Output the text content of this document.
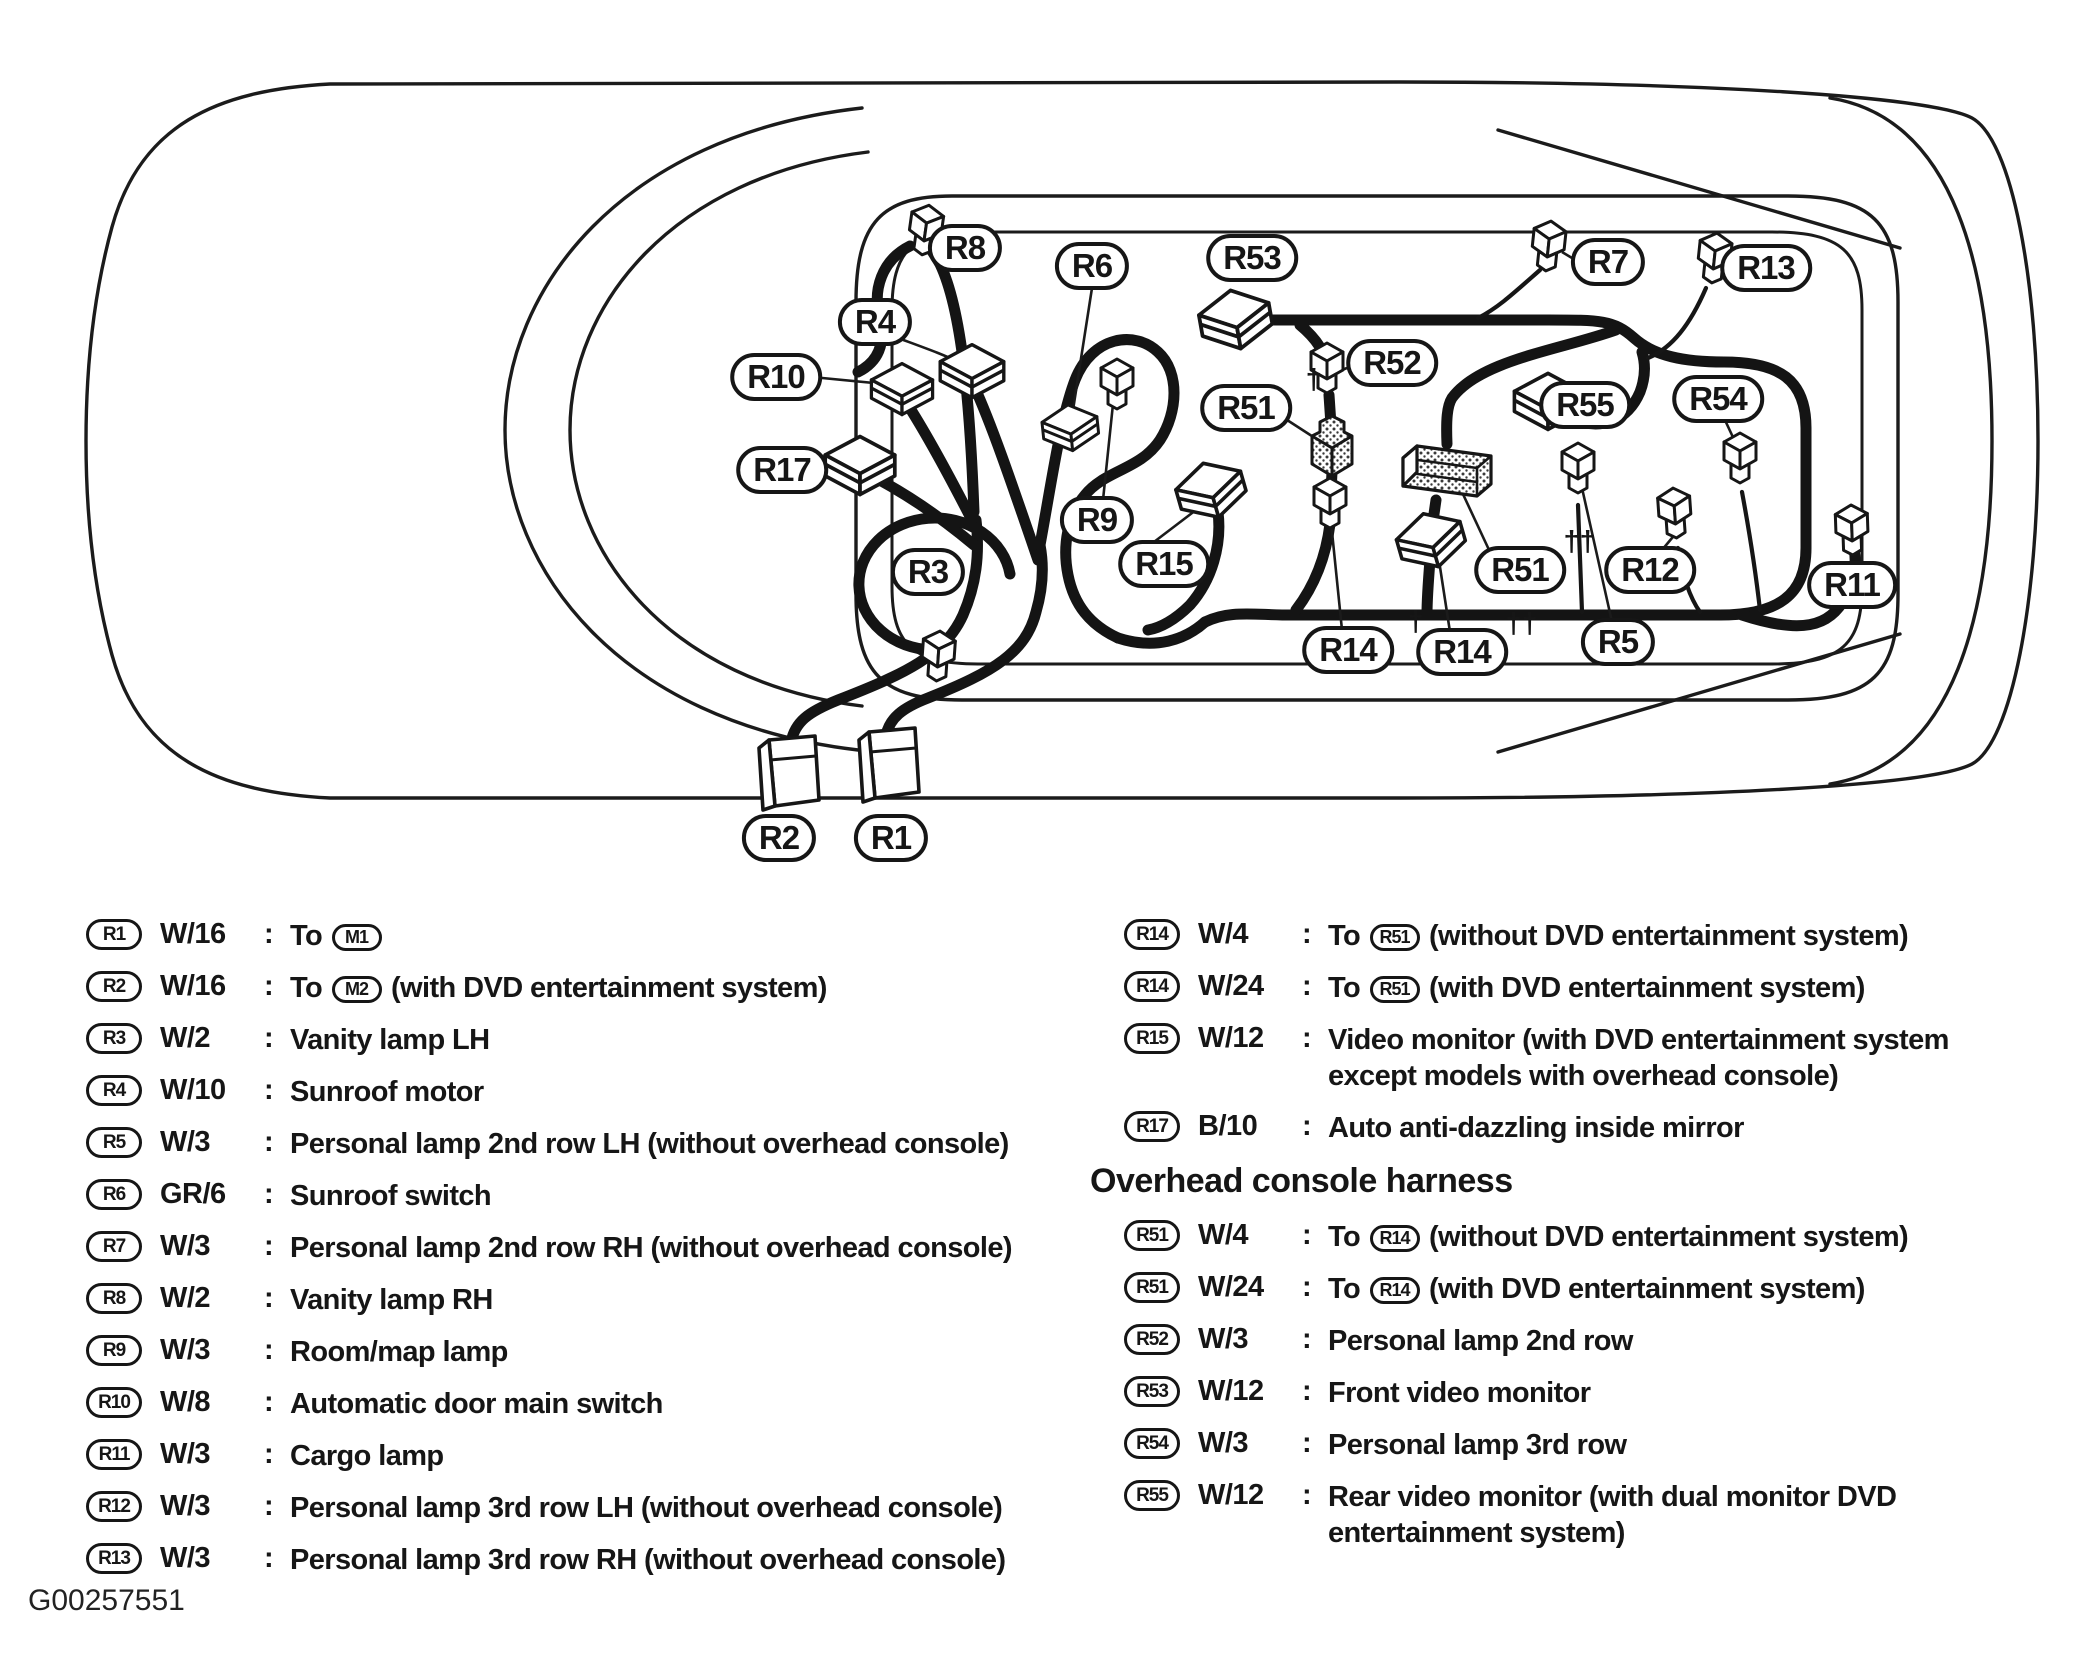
R8	R6	R53	R7	R13
R4
R10	R52
R51
†
R55	R54
R17
R9
R3	R15	R51
††
R12	R11
R14
†
R14
††	R5
R2	R1
R1	W/16	: To M1
R2	W/16	: To M2 (with DVD entertainment system)
R3	W/2	: Vanity lamp LH
R4	W/10	: Sunroof motor
R5	W/3	: Personal lamp 2nd row LH (without overhead console)
R6	GR/6	: Sunroof switch
R7	W/3	: Personal lamp 2nd row RH (without overhead console)
R8	W/2	: Vanity lamp RH
R9	W/3	: Room/map lamp
R10	W/8	: Automatic door main switch
R11	W/3	: Cargo lamp
R12	W/3	: Personal lamp 3rd row LH (without overhead console)
R13	W/3	: Personal lamp 3rd row RH (without overhead console)
R14	W/4	: To R51 (without DVD entertainment system)
R14	W/24	: To R51 (with DVD entertainment system)
R15	W/12	: Video monitor (with DVD entertainment system except models with overhead console)
R17	B/10	: Auto anti-dazzling inside mirror
Overhead console harness
R51	W/4	: To R14 (without DVD entertainment system)
R51	W/24	: To R14 (with DVD entertainment system)
R52	W/3	: Personal lamp 2nd row
R53	W/12	: Front video monitor
R54	W/3	: Personal lamp 3rd row
R55	W/12	: Rear video monitor (with dual monitor DVD entertainment system)
G00257551
